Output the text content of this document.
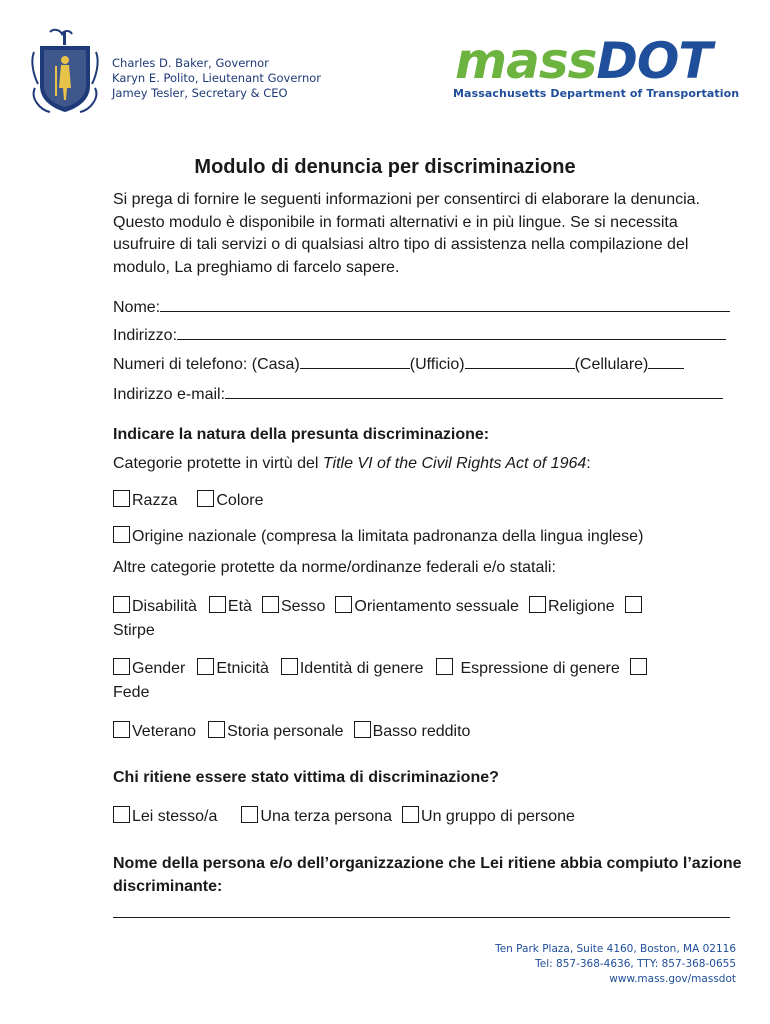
Charles D. Baker, Governor
Karyn E. Polito, Lieutenant Governor
Jamey Tesler, Secretary & CEO
massDOT
Massachusetts Department of Transportation
Modulo di denuncia per discriminazione
Si prega di fornire le seguenti informazioni per consentirci di elaborare la denuncia. Questo modulo è disponibile in formati alternativi e in più lingue. Se si necessita usufruire di tali servizi o di qualsiasi altro tipo di assistenza nella compilazione del modulo, La preghiamo di farcelo sapere.
Nome:
Indirizzo:
Numeri di telefono: (Casa)	(Ufficio)	(Cellulare)
Indirizzo e-mail:
Indicare la natura della presunta discriminazione:
Categorie protette in virtù del Title VI of the Civil Rights Act of 1964:
Razza Colore
Origine nazionale (compresa la limitata padronanza della lingua inglese)
Altre categorie protette da norme/ordinanze federali e/o statali:
Disabilità Età Sesso Orientamento sessuale Religione
Stirpe
Gender Etnicità Identità di genere Espressione di genere
Fede
Veterano Storia personale Basso reddito
Chi ritiene essere stato vittima di discriminazione?
Lei stesso/a	Una terza persona Un gruppo di persone
Nome della persona e/o dell’organizzazione che Lei ritiene abbia compiuto l’azione discriminante:
Ten Park Plaza, Suite 4160, Boston, MA 02116
Tel: 857-368-4636, TTY: 857-368-0655
www.mass.gov/massdot
